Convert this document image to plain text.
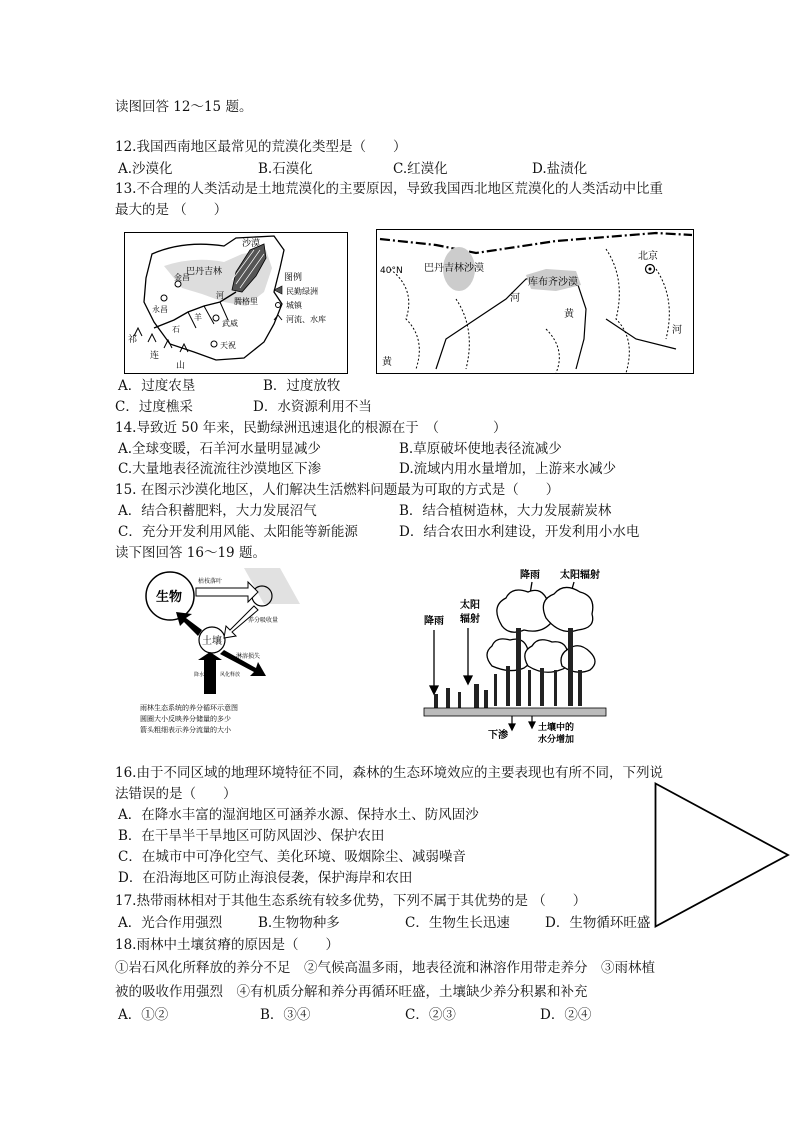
读图回答 12～15 题。
12.我国西南地区最常见的荒漠化类型是（　　）
A.沙漠化	B.石漠化	C.红漠化	D.盐渍化
13.不合理的人类活动是土地荒漠化的主要原因，导致我国西北地区荒漠化的人类活动中比重
最大的是 （　　）
沙漠
巴丹吉林
腾格里
金昌
永昌
武威
天祝
石
羊
河
祁
连
山
图例
民勤绿洲
城镇
河流、水库
40°N 巴丹吉林沙漠
库布齐沙漠
北京
河
黄
河
黄
A．过度农垦	B．过度放牧
C．过度樵采	D．水资源利用不当
14.导致近 50 年来，民勤绿洲迅速退化的根源在于　（　　　　）
A.全球变暖，石羊河水量明显减少	B.草原破坏使地表径流减少
C.大量地表径流流往沙漠地区下渗	D.流域内用水量增加，上游来水减少
15. 在图示沙漠化地区，人们解决生活燃料问题最为可取的方式是（　　）
A．结合积蓄肥料，大力发展沼气	B．结合植树造林，大力发展薪炭林
C．充分开发利用风能、太阳能等新能源	D．结合农田水利建设，开发利用小水电
读下图回答 16～19 题。
生物
土壤
枯枝落叶
淋溶损失
降水输入 风化释放
养分吸收量
雨林生态系统的养分循环示意图
圆圈大小反映养分储量的多少
箭头粗细表示养分流量的大小
降雨 太阳辐射
降雨
太阳
辐射
下渗
土壤中的
水分增加
16.由于不同区域的地理环境特征不同，森林的生态环境效应的主要表现也有所不同，下列说
法错误的是（　　）
A．在降水丰富的湿润地区可涵养水源、保持水土、防风固沙
B．在干旱半干旱地区可防风固沙、保护农田
C．在城市中可净化空气、美化环境、吸烟除尘、减弱噪音
D．在沿海地区可防止海浪侵袭，保护海岸和农田
17.热带雨林相对于其他生态系统有较多优势，下列不属于其优势的是 （　　）
A．光合作用强烈	B.生物物种多	C．生物生长迅速	D．生物循环旺盛
18.雨林中土壤贫瘠的原因是（　　）
①岩石风化所释放的养分不足　②气候高温多雨，地表径流和淋溶作用带走养分　③雨林植
被的吸收作用强烈　④有机质分解和养分再循环旺盛，土壤缺少养分积累和补充
A．①②	B．③④	C．②③	D．②④
